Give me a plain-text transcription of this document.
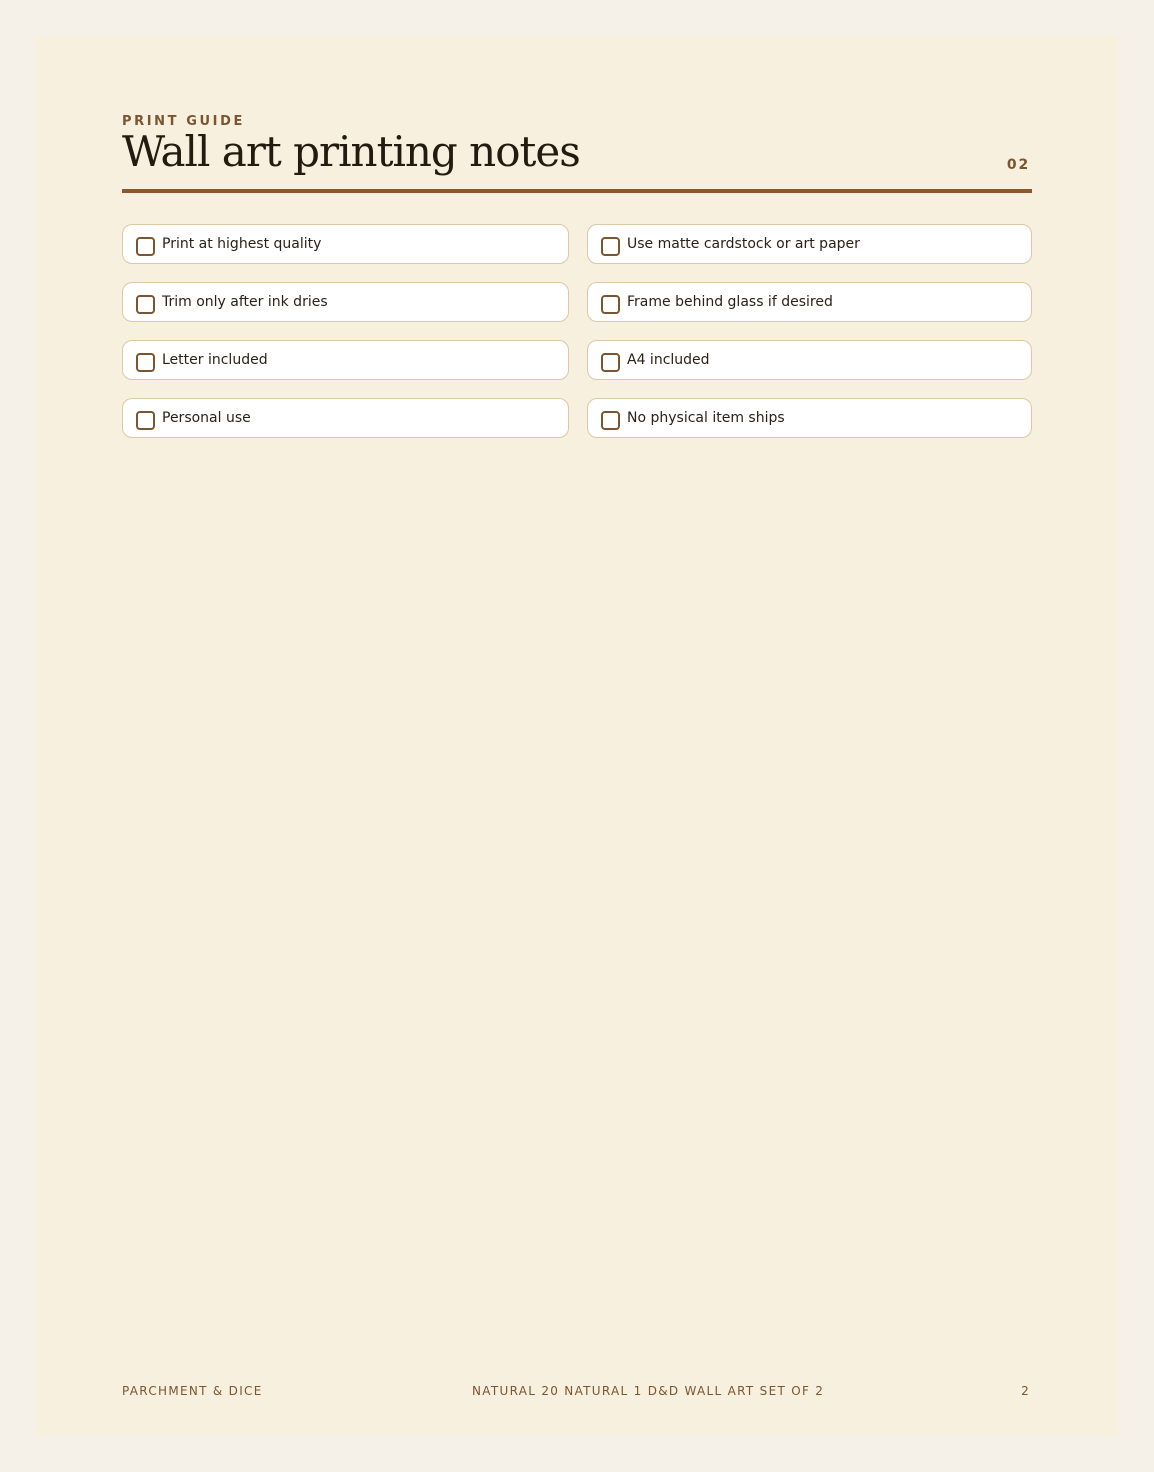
PRINT GUIDE
Wall art printing notes	02
Print at highest quality	Use matte cardstock or art paper
Trim only after ink dries	Frame behind glass if desired
Letter included	A4 included
Personal use	No physical item ships
PARCHMENT & DICE	NATURAL 20 NATURAL 1 D&D WALL ART SET OF 2	2
